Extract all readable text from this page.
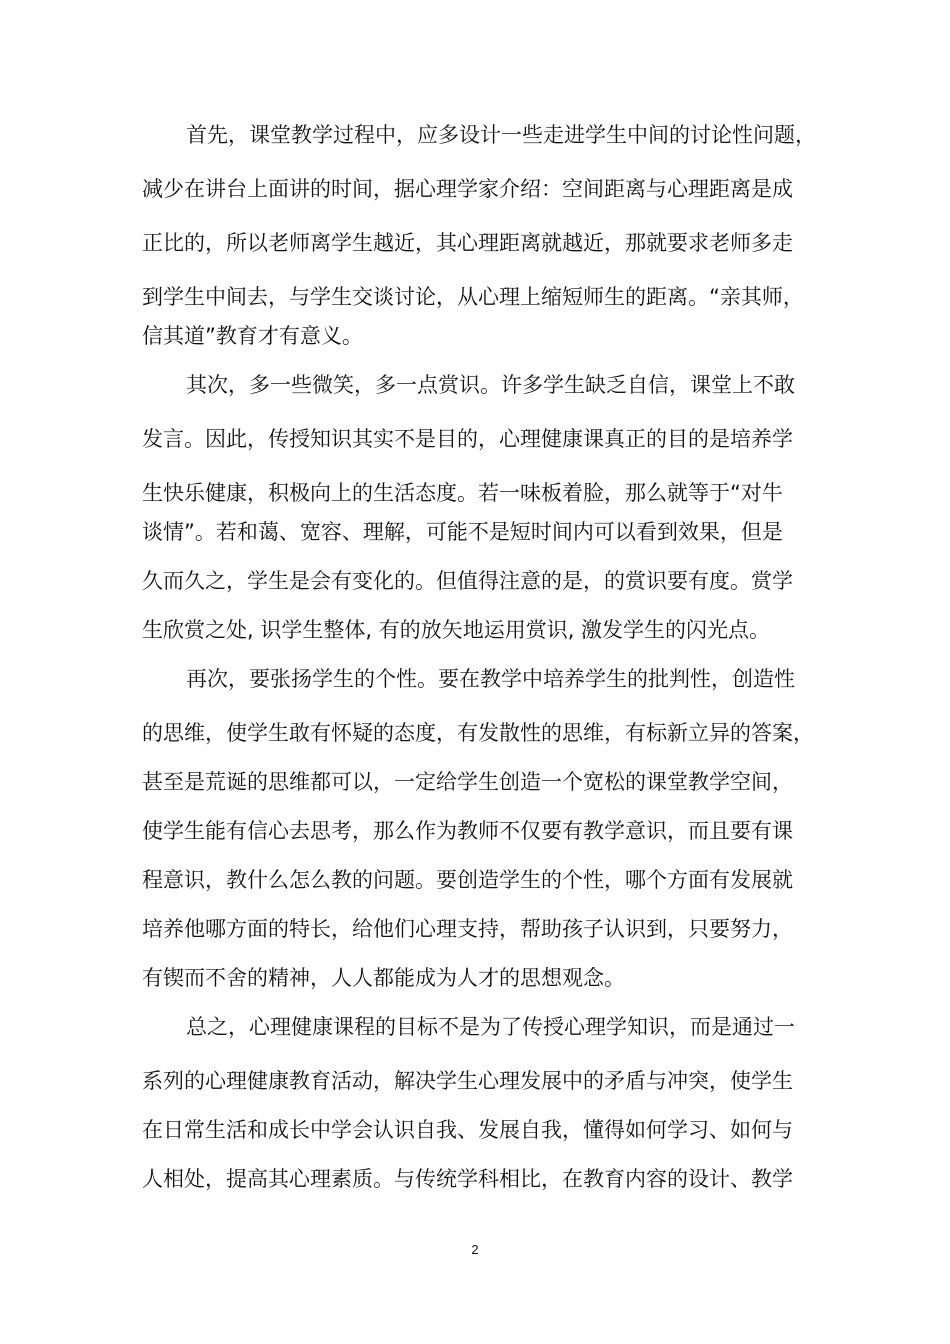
首先，课堂教学过程中，应多设计一些走进学生中间的讨论性问题，
减少在讲台上面讲的时间，据心理学家介绍：空间距离与心理距离是成
正比的，所以老师离学生越近，其心理距离就越近，那就要求老师多走
到学生中间去，与学生交谈讨论，从心理上缩短师生的距离。“亲其师，
信其道”教育才有意义。
其次，多一些微笑，多一点赏识。许多学生缺乏自信，课堂上不敢
发言。因此，传授知识其实不是目的，心理健康课真正的目的是培养学
生快乐健康，积极向上的生活态度。若一味板着脸，那么就等于“对牛
谈情”。若和蔼、宽容、理解，可能不是短时间内可以看到效果，但是
久而久之，学生是会有变化的。但值得注意的是，的赏识要有度。赏学
生欣赏之处, 识学生整体, 有的放矢地运用赏识, 激发学生的闪光点。
再次，要张扬学生的个性。要在教学中培养学生的批判性，创造性
的思维，使学生敢有怀疑的态度，有发散性的思维，有标新立异的答案，
甚至是荒诞的思维都可以，一定给学生创造一个宽松的课堂教学空间，
使学生能有信心去思考，那么作为教师不仅要有教学意识，而且要有课
程意识，教什么怎么教的问题。要创造学生的个性，哪个方面有发展就
培养他哪方面的特长，给他们心理支持，帮助孩子认识到，只要努力，
有锲而不舍的精神，人人都能成为人才的思想观念。
总之，心理健康课程的目标不是为了传授心理学知识，而是通过一
系列的心理健康教育活动，解决学生心理发展中的矛盾与冲突，使学生
在日常生活和成长中学会认识自我、发展自我，懂得如何学习、如何与
人相处，提高其心理素质。与传统学科相比，在教育内容的设计、教学
2
